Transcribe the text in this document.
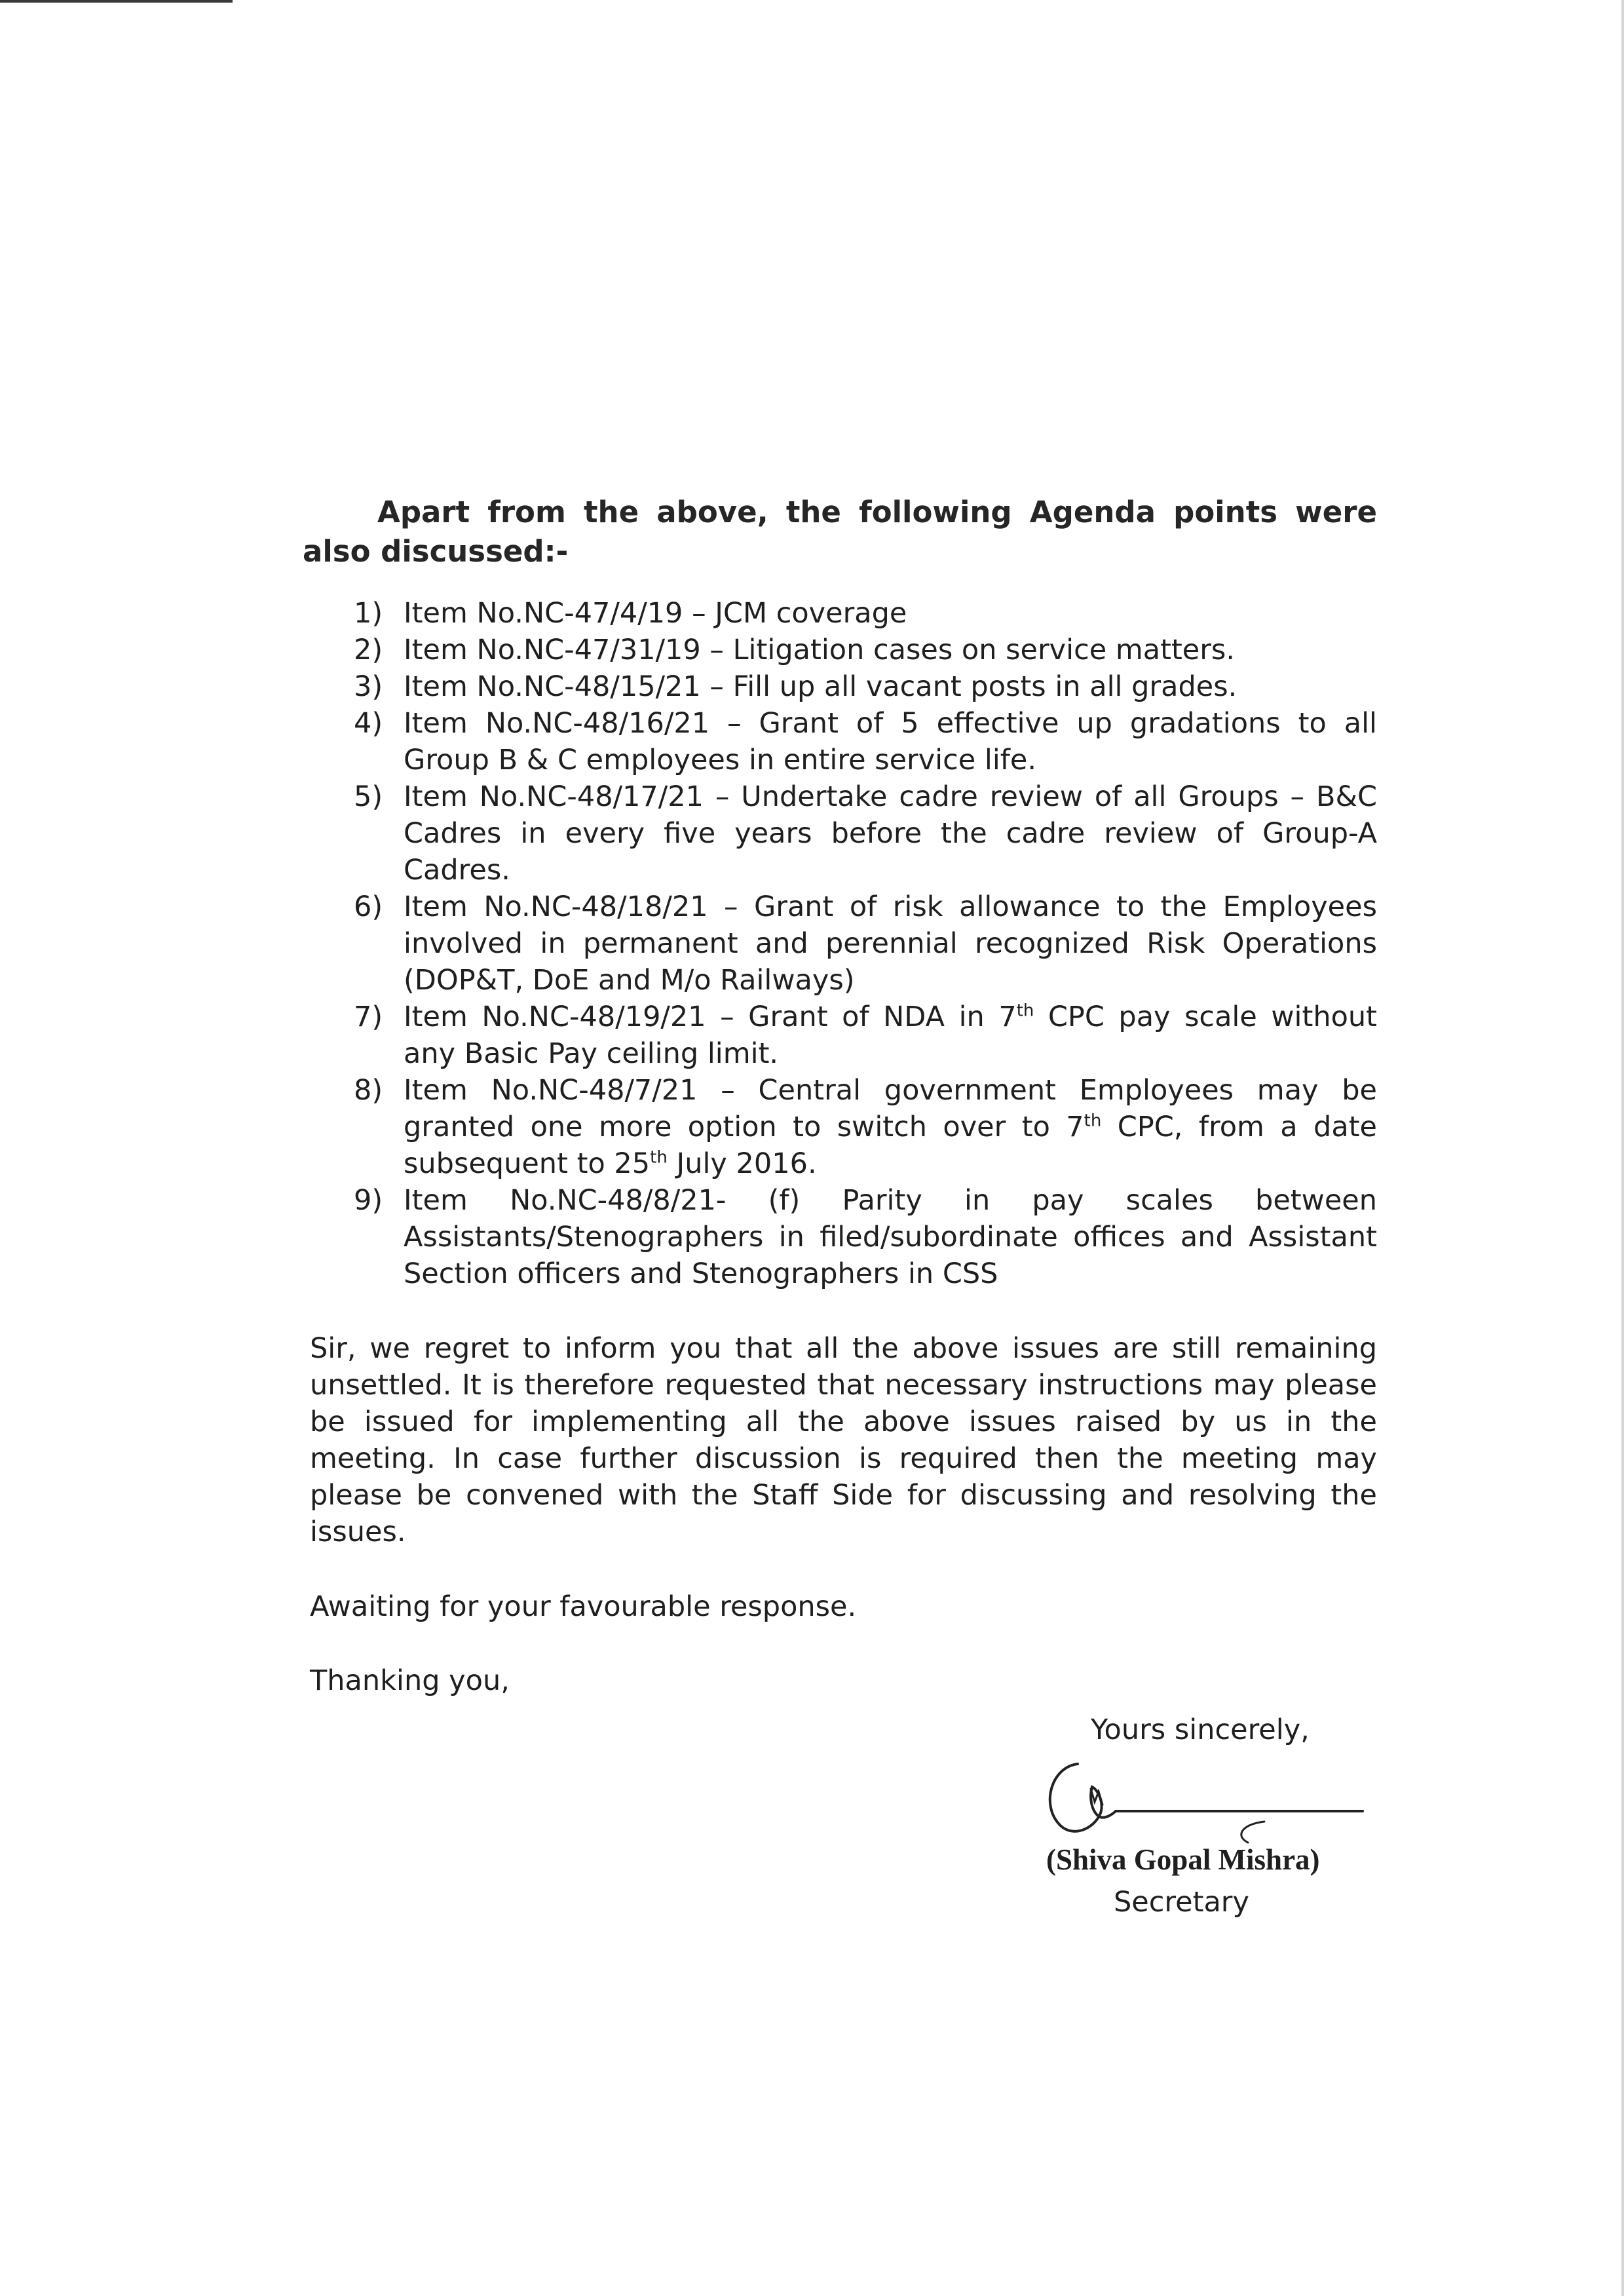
Apart from the above, the following Agenda points were also discussed:-
1) Item No.NC-47/4/19 – JCM coverage
2) Item No.NC-47/31/19 – Litigation cases on service matters.
3) Item No.NC-48/15/21 – Fill up all vacant posts in all grades.
4) Item No.NC-48/16/21 – Grant of 5 effective up gradations to all Group B & C employees in entire service life.
5) Item No.NC-48/17/21 – Undertake cadre review of all Groups – B&C Cadres in every five years before the cadre review of Group-A Cadres.
6) Item No.NC-48/18/21 – Grant of risk allowance to the Employees involved in permanent and perennial recognized Risk Operations (DOP&T, DoE and M/o Railways)
7) Item No.NC-48/19/21 – Grant of NDA in 7th CPC pay scale without any Basic Pay ceiling limit.
8) Item No.NC-48/7/21 – Central government Employees may be granted one more option to switch over to 7th CPC, from a date subsequent to 25th July 2016.
9) Item No.NC-48/8/21- (f) Parity in pay scales between Assistants/Stenographers in filed/subordinate offices and Assistant Section officers and Stenographers in CSS

Sir, we regret to inform you that all the above issues are still remaining unsettled. It is therefore requested that necessary instructions may please be issued for implementing all the above issues raised by us in the meeting. In case further discussion is required then the meeting may please be convened with the Staff Side for discussing and resolving the issues.

Awaiting for your favourable response.

Thanking you,

Yours sincerely,
(Shiva Gopal Mishra)
Secretary
